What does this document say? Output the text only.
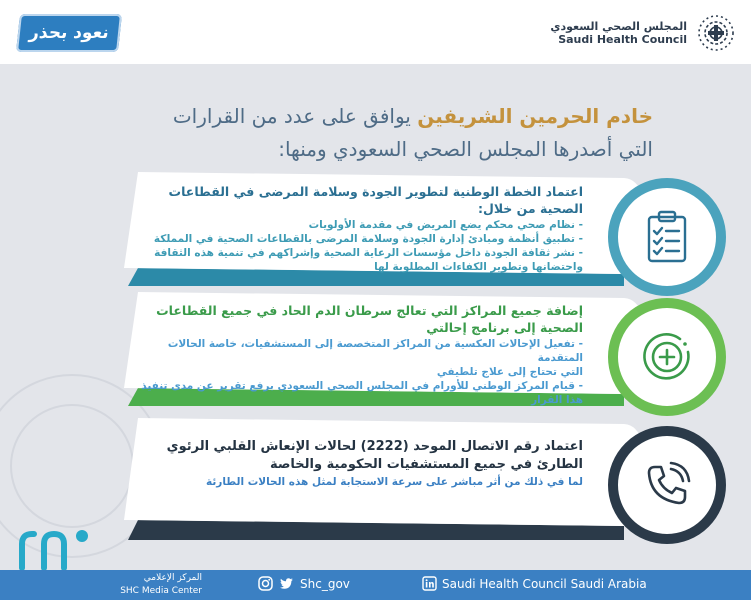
نعود بحذر	المجلس الصحي السعودي
Saudi Health Council
خادم الحرمين الشريفين يوافق على عدد من القرارات
التي أصدرها المجلس الصحي السعودي ومنها:
اعتماد الخطة الوطنية لتطوير الجودة وسلامة المرضى في القطاعات الصحية من خلال:
- نظام صحي محكم يضع المريض في مقدمة الأولويات
- تطبيق أنظمة ومبادئ إدارة الجودة وسلامة المرضى بالقطاعات الصحية في المملكة
- نشر ثقافة الجودة داخل مؤسسات الرعاية الصحية وإشراكهم في تنمية هذه الثقافة
واحتضانها وتطوير الكفاءات المطلوبة لها
إضافة جميع المراكز التي تعالج سرطان الدم الحاد في جميع القطاعات الصحية إلى برنامج إحالتي
- تفعيل الإحالات العكسية من المراكز المتخصصة إلى المستشفيات، خاصة الحالات المتقدمة
التي تحتاج إلى علاج تلطيفي
- قيام المركز الوطني للأورام في المجلس الصحي السعودي برفع تقرير عن مدى تنفيذ هذا القرار
اعتماد رقم الاتصال الموحد (2222) لحالات الإنعاش القلبي الرئوي الطارئ في جميع المستشفيات الحكومية والخاصة
لما في ذلك من أثر مباشر على سرعة الاستجابة لمثل هذه الحالات الطارئة
المركز الإعلامي
SHC Media Center
Shc_gov	Saudi Health Council Saudi Arabia
